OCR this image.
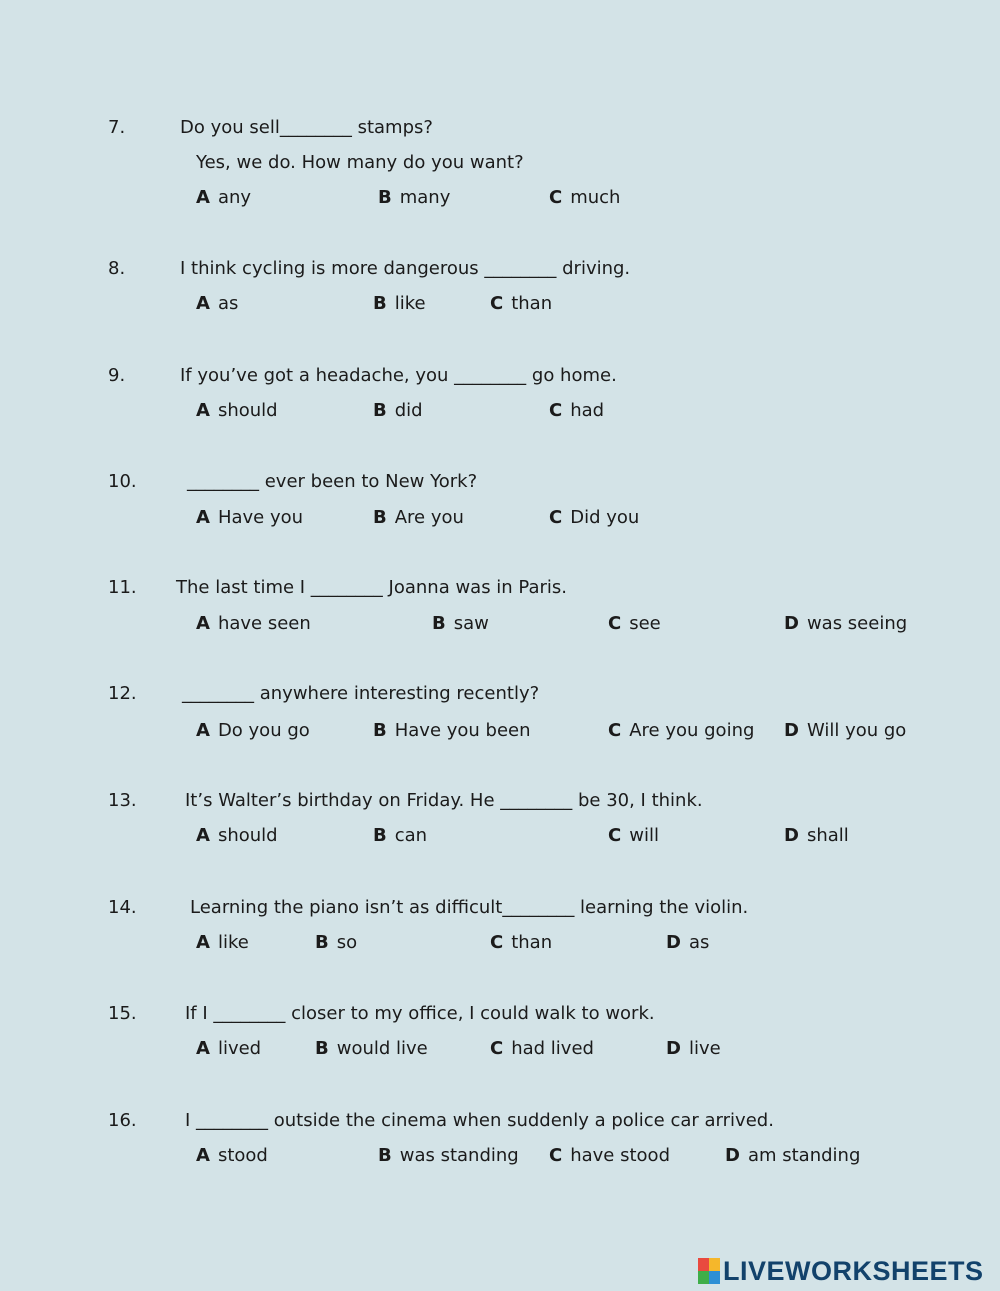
7.	Do you sell________ stamps?
Yes, we do. How many do you want?
A any	B many	C much
8.	I think cycling is more dangerous ________ driving.
A as	B like	C than
9.	If you’ve got a headache, you ________ go home.
A should	B did	C had
10.	________ ever been to New York?
A Have you	B Are you	C Did you
11. The last time I ________ Joanna was in Paris.
A have seen	B saw	C see	D was seeing
12.	________ anywhere interesting recently?
A Do you go	B Have you been	C Are you going D Will you go
13.	It’s Walter’s birthday on Friday. He ________ be 30, I think.
A should	B can	C will	D shall
14.	Learning the piano isn’t as difficult________ learning the violin.
A like	B so	C than	D as
15.	If I ________ closer to my office, I could walk to work.
A lived	B would live	C had lived	D live
16.	I ________ outside the cinema when suddenly a police car arrived.
A stood	B was standing C have stood	D am standing
LIVEWORKSHEETS
